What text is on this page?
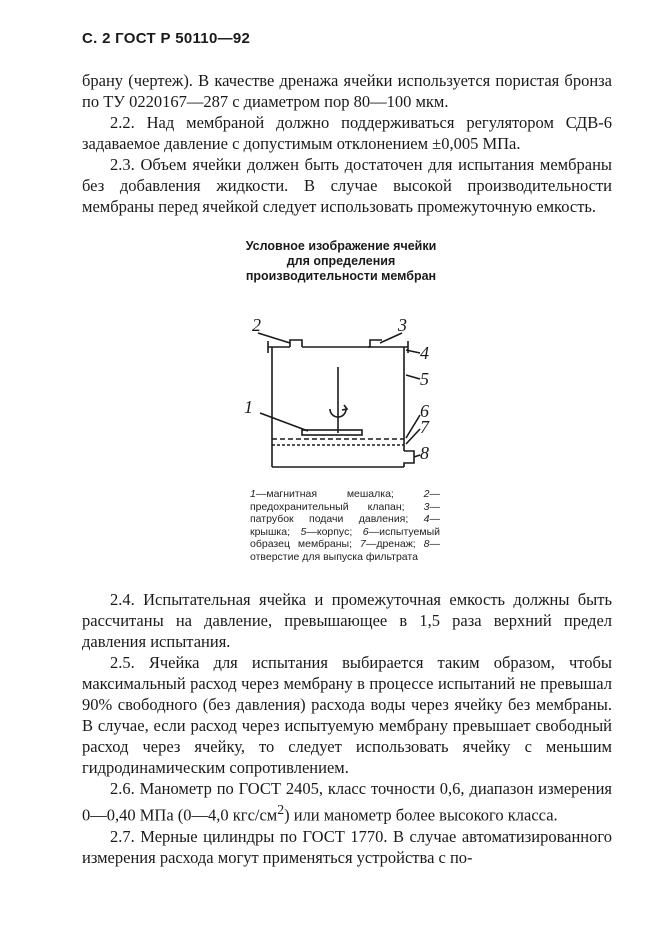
С. 2 ГОСТ Р 50110—92

брану (чертеж). В качестве дренажа ячейки используется пористая бронза по ТУ 0220167—287 с диаметром пор 80—100 мкм.

2.2. Над мембраной должно поддерживаться регулятором СДВ-6 задаваемое давление с допустимым отклонением ±0,005 МПа.

2.3. Объем ячейки должен быть достаточен для испытания мембраны без добавления жидкости. В случае высокой производительности мембраны перед ячейкой следует использовать промежуточную емкость.

Условное изображение ячейки для определения производительности мембран
1
2	3
4
5
6
7
8
1—магнитная мешалка; 2—предохранительный клапан; 3—патрубок подачи давления; 4—крышка; 5—корпус; 6—испытуемый образец мембраны; 7—дренаж; 8—отверстие для выпуска фильтрата

2.4. Испытательная ячейка и промежуточная емкость должны быть рассчитаны на давление, превышающее в 1,5 раза верхний предел давления испытания.

2.5. Ячейка для испытания выбирается таким образом, чтобы максимальный расход через мембрану в процессе испытаний не превышал 90% свободного (без давления) расхода воды через ячейку без мембраны. В случае, если расход через испытуемую мембрану превышает свободный расход через ячейку, то следует использовать ячейку с меньшим гидродинамическим сопротивлением.

2.6. Манометр по ГОСТ 2405, класс точности 0,6, диапазон измерения 0—0,40 МПа (0—4,0 кгс/$см^2$) или манометр более высокого класса.

2.7. Мерные цилиндры по ГОСТ 1770. В случае автоматизированного измерения расхода могут применяться устройства с по-
